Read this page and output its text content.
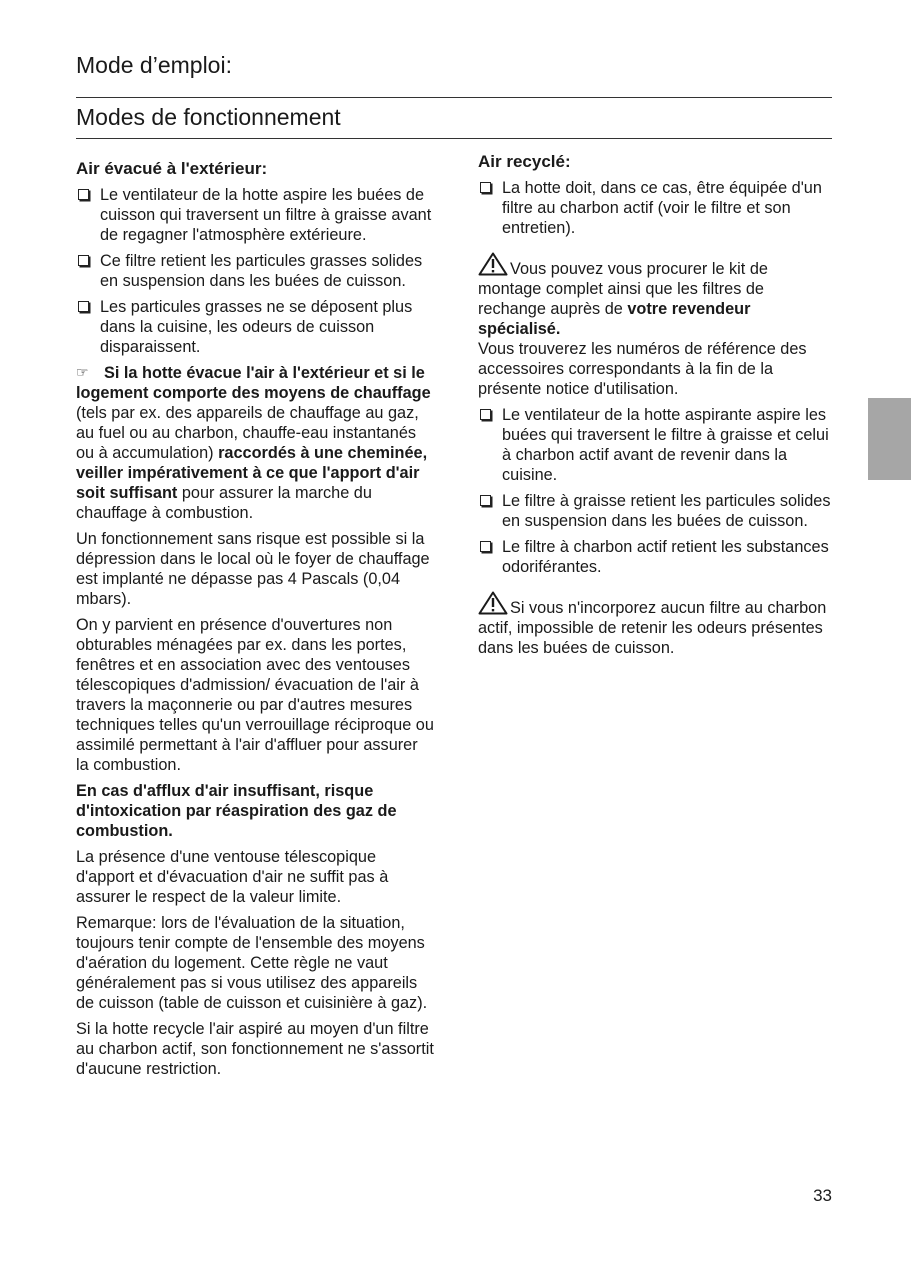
Mode d’emploi:
Modes de fonctionnement
Air évacué à l'extérieur:
Le ventilateur de la hotte aspire les buées de cuisson qui traversent un filtre à graisse avant de regagner l'atmosphère extérieure.
Ce filtre retient les particules grasses solides en suspension dans les buées de cuisson.
Les particules grasses ne se déposent plus dans la cuisine, les odeurs de cuisson disparaissent.

☞ Si la hotte évacue l'air à l'extérieur et si le logement comporte des moyens de chauffage (tels par ex. des appareils de chauffage au gaz, au fuel ou au charbon, chauffe-eau instantanés ou à accumulation) raccordés à une cheminée, veiller impérativement à ce que l'apport d'air soit suffisant pour assurer la marche du chauffage à combustion.

Un fonctionnement sans risque est possible si la dépression dans le local où le foyer de chauffage est implanté ne dépasse pas 4 Pascals (0,04 mbars).

On y parvient en présence d'ouvertures non obturables ménagées par ex. dans les portes, fenêtres et en association avec des ventouses télescopiques d'admission/ évacuation de l'air à travers la maçonnerie ou par d'autres mesures techniques telles qu'un verrouillage réciproque ou assimilé permettant à l'air d'affluer pour assurer la combustion.

En cas d'afflux d'air insuffisant, risque d'intoxication par réaspiration des gaz de combustion.

La présence d'une ventouse télescopique d'apport et d'évacuation d'air ne suffit pas à assurer le respect de la valeur limite.

Remarque: lors de l'évaluation de la situation, toujours tenir compte de l'ensemble des moyens d'aération du logement. Cette règle ne vaut généralement pas si vous utilisez des appareils de cuisson (table de cuisson et cuisinière à gaz).

Si la hotte recycle l'air aspiré au moyen d'un filtre au charbon actif, son fonctionnement ne s'assortit d'aucune restriction.

Air recyclé:
La hotte doit, dans ce cas, être équipée d'un filtre au charbon actif (voir le filtre et son entretien).

Vous pouvez vous procurer le kit de montage complet ainsi que les filtres de rechange auprès de votre revendeur spécialisé.
Vous trouverez les numéros de référence des accessoires correspondants à la fin de la présente notice d'utilisation.

Le ventilateur de la hotte aspirante aspire les buées qui traversent le filtre à graisse et celui à charbon actif avant de revenir dans la cuisine.
Le filtre à graisse retient les particules solides en suspension dans les buées de cuisson.
Le filtre à charbon actif retient les substances odoriférantes.

Si vous n'incorporez aucun filtre au charbon actif, impossible de retenir les odeurs présentes dans les buées de cuisson.

33
